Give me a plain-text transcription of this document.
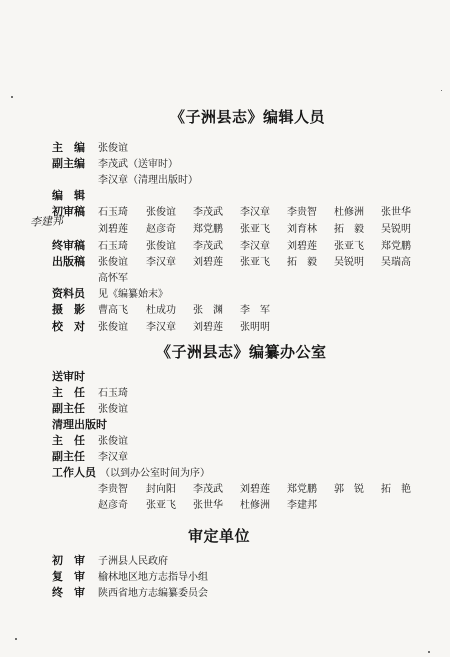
《子洲县志》编辑人员
主　编 张俊谊
副主编 李茂武（送审时）
李汉章（清理出版时）
编　辑
初审稿
李建邦
石玉琦 张俊谊 李茂武 李汉章 李贵智 杜修洲 张世华
刘碧莲 赵彦奇 郑党鹏 张亚飞 刘育林 拓　毅 吴锐明
终审稿 石玉琦 张俊谊 李茂武 李汉章 刘碧莲 张亚飞 郑党鹏
出版稿 张俊谊 李汉章 刘碧莲 张亚飞 拓　毅 吴锐明 吴瑞高
高怀军
资料员 见《编纂始末》
摄　影 曹高飞 杜成功 张　渊 李　军
校　对 张俊谊 李汉章 刘碧莲 张明明
《子洲县志》编纂办公室
送审时
主　任 石玉琦
副主任 张俊谊
清理出版时
主　任 张俊谊
副主任 李汉章
工作人员 （以到办公室时间为序）
李贵智 封向阳 李茂武 刘碧莲 郑党鹏 郭　锐 拓　艳
赵彦奇 张亚飞 张世华 杜修洲 李建邦
审定单位
初　审 子洲县人民政府
复　审 榆林地区地方志指导小组
终　审 陕西省地方志编纂委员会
